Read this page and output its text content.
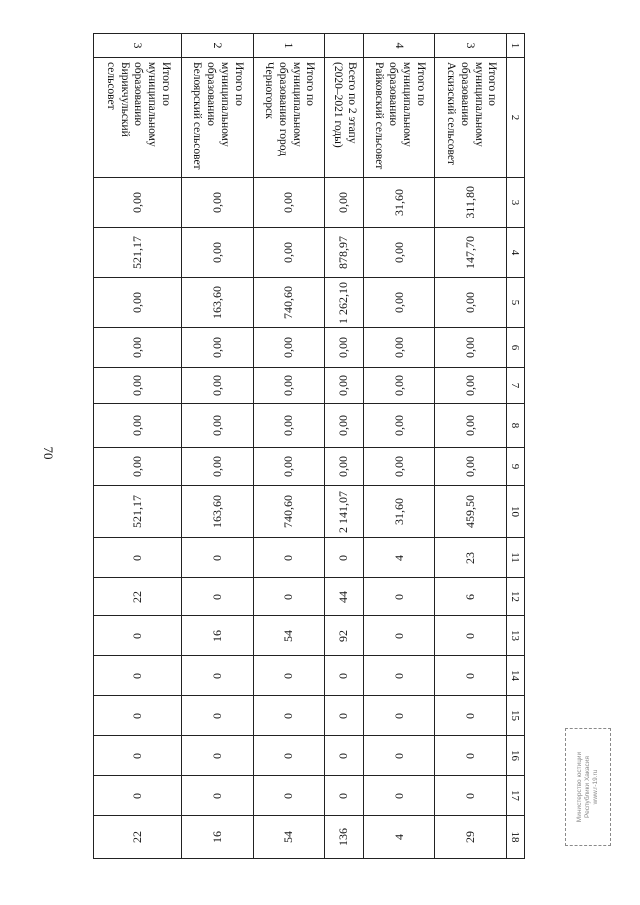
70
1	2	3	4	5	6	7	8	9	10	11	12	13	14	15	16	17	18
3	Итого по муниципальному образованию Аскизский сельсовет	311,80	147,70	0,00	0,00	0,00	0,00	0,00	459,50	23	6	0	0	0	0	0	29
4	Итого по муниципальному образованию Райковский сельсовет	31,60	0,00	0,00	0,00	0,00	0,00	0,00	31,60	4	0	0	0	0	0	0	4
	Всего по 2 этапу (2020–2021 годы)	0,00	878,97	1 262,10	0,00	0,00	0,00	0,00	2 141,07	0	44	92	0	0	0	0	136
1	Итого по муниципальному образованию город Черногорск	0,00	0,00	740,60	0,00	0,00	0,00	0,00	740,60	0	0	54	0	0	0	0	54
2	Итого по муниципальному образованию Белоярский сельсовет	0,00	0,00	163,60	0,00	0,00	0,00	0,00	163,60	0	0	16	0	0	0	0	16
3	Итого по муниципальному образованию Бирикчульский сельсовет	0,00	521,17	0,00	0,00	0,00	0,00	0,00	521,17	0	22	0	0	0	0	0	22
Министерство юстиции Республики Хакасия www.r-19.ru
